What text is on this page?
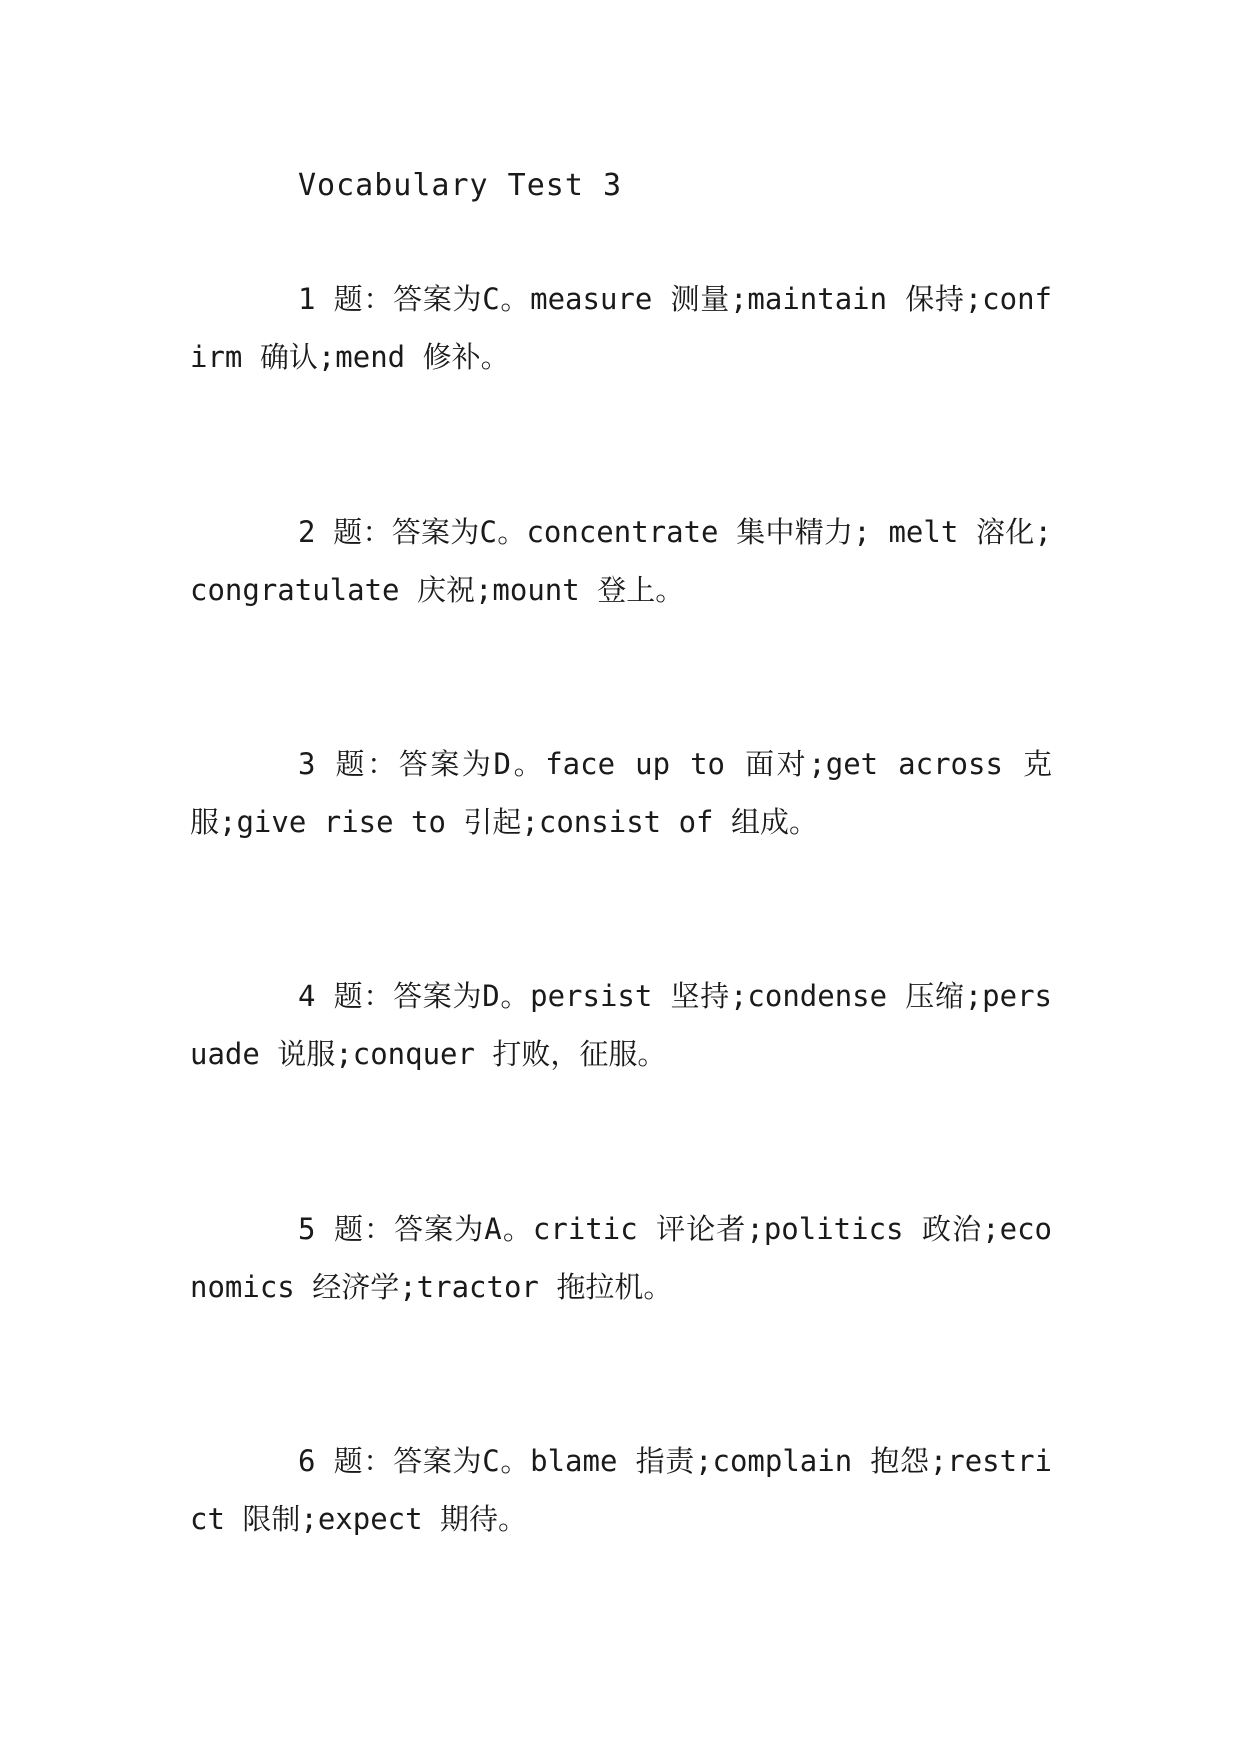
Vocabulary Test 3

1 题：答案为C。measure 测量;maintain 保持;confirm 确认;mend 修补。

2 题：答案为C。concentrate 集中精力; melt 溶化;congratulate 庆祝;mount 登上。

3 题：答案为D。face up to 面对;get across 克服;give rise to 引起;consist of 组成。

4 题：答案为D。persist 坚持;condense 压缩;persuade 说服;conquer 打败，征服。

5 题：答案为A。critic 评论者;politics 政治;economics 经济学;tractor 拖拉机。

6 题：答案为C。blame 指责;complain 抱怨;restrict 限制;expect 期待。
